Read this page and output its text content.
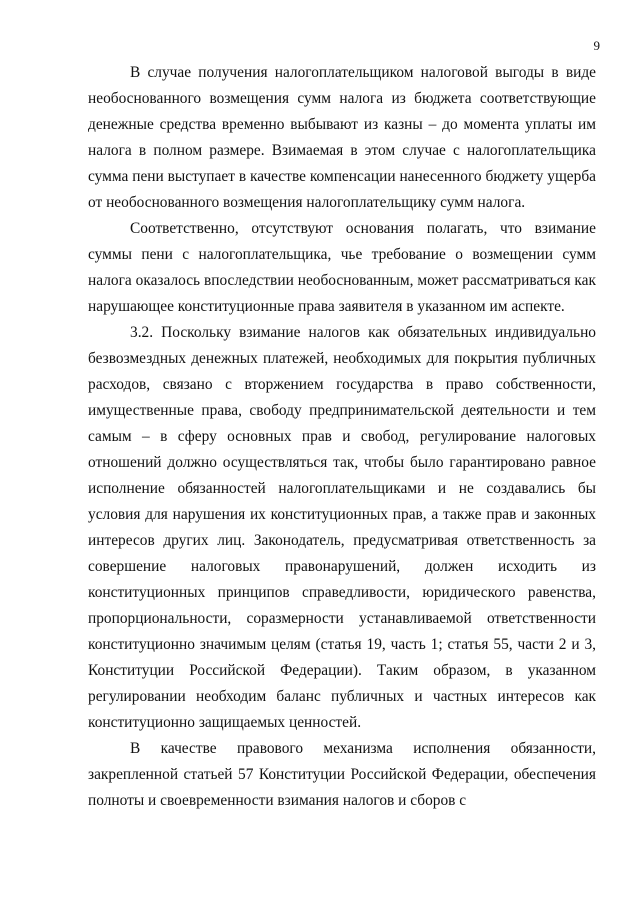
9

В случае получения налогоплательщиком налоговой выгоды в виде необоснованного возмещения сумм налога из бюджета соответствующие денежные средства временно выбывают из казны – до момента уплаты им налога в полном размере. Взимаемая в этом случае с налогоплательщика сумма пени выступает в качестве компенсации нанесенного бюджету ущерба от необоснованного возмещения налогоплательщику сумм налога.

Соответственно, отсутствуют основания полагать, что взимание суммы пени с налогоплательщика, чье требование о возмещении сумм налога оказалось впоследствии необоснованным, может рассматриваться как нарушающее конституционные права заявителя в указанном им аспекте.

3.2. Поскольку взимание налогов как обязательных индивидуально безвозмездных денежных платежей, необходимых для покрытия публичных расходов, связано с вторжением государства в право собственности, имущественные права, свободу предпринимательской деятельности и тем самым – в сферу основных прав и свобод, регулирование налоговых отношений должно осуществляться так, чтобы было гарантировано равное исполнение обязанностей налогоплательщиками и не создавались бы условия для нарушения их конституционных прав, а также прав и законных интересов других лиц. Законодатель, предусматривая ответственность за совершение налоговых правонарушений, должен исходить из конституционных принципов справедливости, юридического равенства, пропорциональности, соразмерности устанавливаемой ответственности конституционно значимым целям (статья 19, часть 1; статья 55, части 2 и 3, Конституции Российской Федерации). Таким образом, в указанном регулировании необходим баланс публичных и частных интересов как конституционно защищаемых ценностей.

В качестве правового механизма исполнения обязанности, закрепленной статьей 57 Конституции Российской Федерации, обеспечения полноты и своевременности взимания налогов и сборов с
